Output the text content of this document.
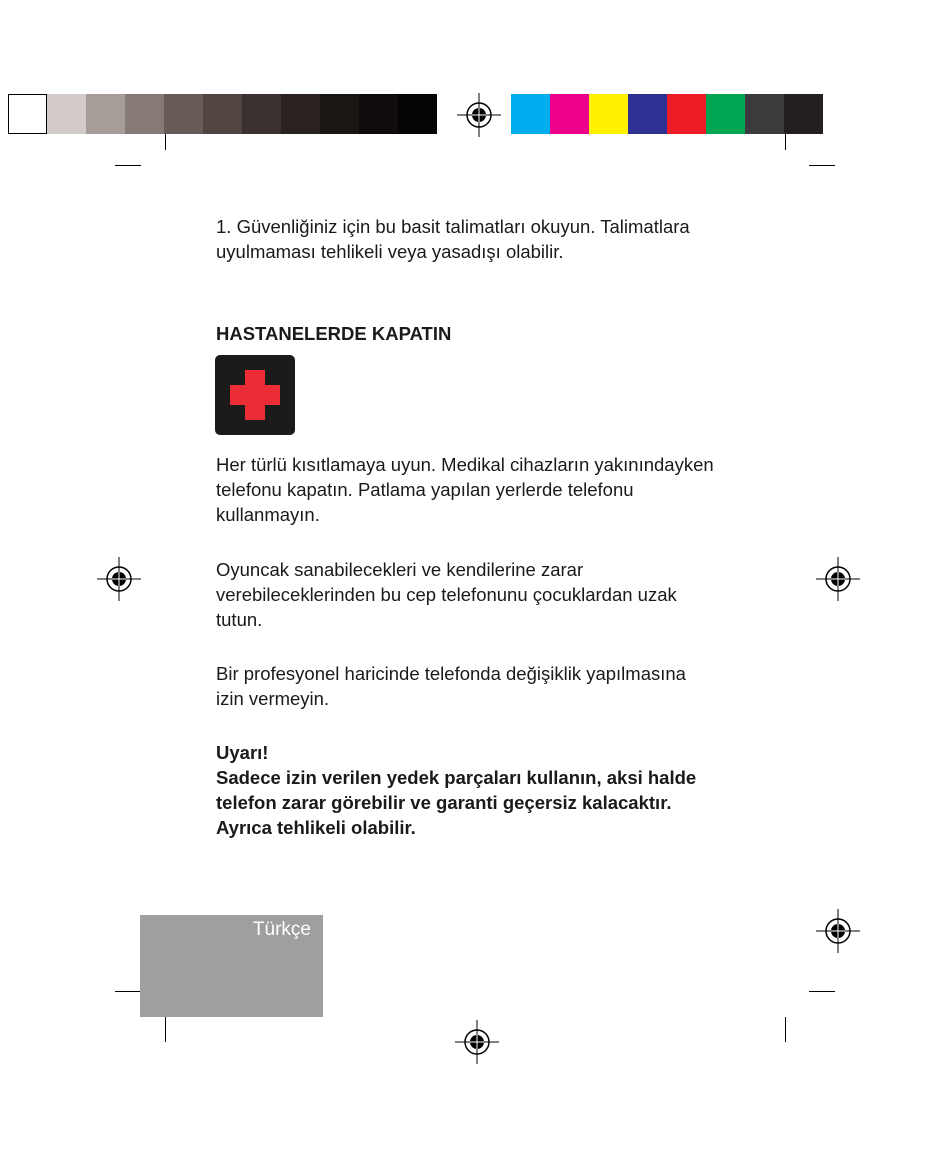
1. Güvenliğiniz için bu basit talimatları okuyun. Talimatlara
uyulmaması tehlikeli veya yasadışı olabilir.

HASTANELERDE KAPATIN

Her türlü kısıtlamaya uyun. Medikal cihazların yakınındayken
telefonu kapatın. Patlama yapılan yerlerde telefonu
kullanmayın.

Oyuncak sanabilecekleri ve kendilerine zarar
verebileceklerinden bu cep telefonunu çocuklardan uzak
tutun.

Bir profesyonel haricinde telefonda değişiklik yapılmasına
izin vermeyin.

Uyarı!

Sadece izin verilen yedek parçaları kullanın, aksi halde
telefon zarar görebilir ve garanti geçersiz kalacaktır.
Ayrıca tehlikeli olabilir.

Türkçe
